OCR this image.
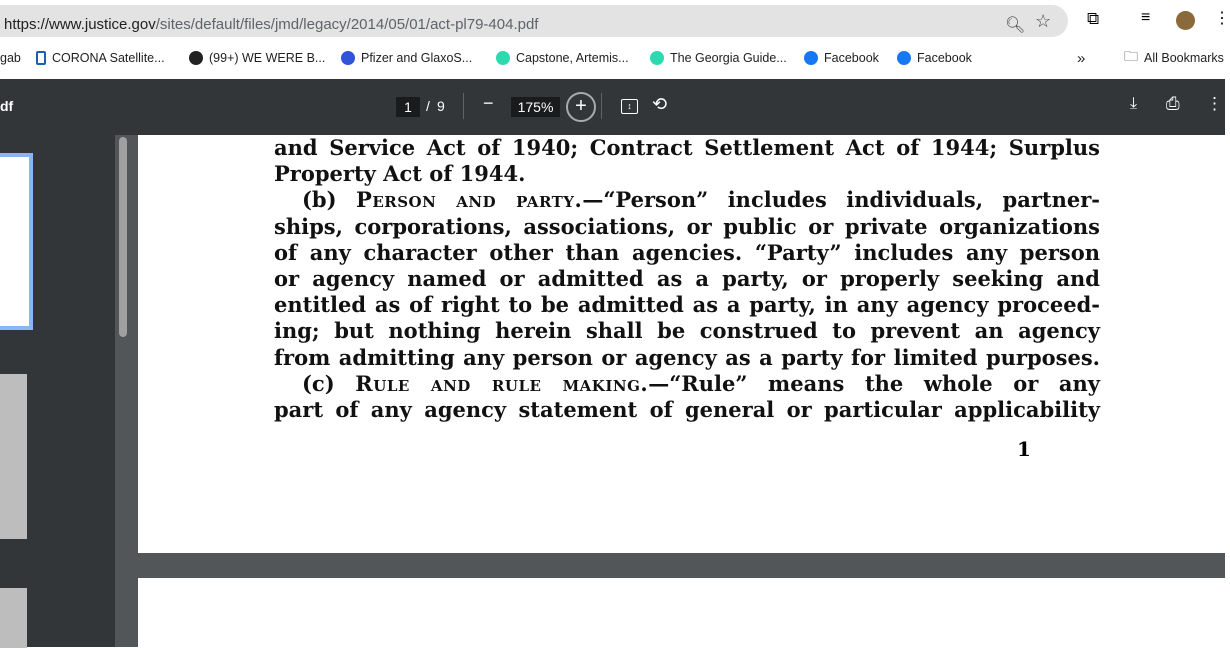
https://www.justice.gov/sites/default/files/jmd/legacy/2014/05/01/act-pl79-404.pdf	🔍︎ ☆ ⧉	≡	⋮
gab CORONA Satellite...	(99+) WE WERE B...	Pfizer and GlaxoS...	Capstone, Artemis...	The Georgia Guide...	Facebook	Facebook	»	🗀 All Bookmarks
df	1	/ 9 −	175%	+	↕	⟲	⤓ ⎙ ⋮
and Service Act of 1940; Contract Settlement Act of 1944; Surplus
Property Act of 1944.
(b) Person and party.—“Person” includes individuals, partner-
ships, corporations, associations, or public or private organizations
of any character other than agencies. “Party” includes any person
or agency named or admitted as a party, or properly seeking and
entitled as of right to be admitted as a party, in any agency proceed-
ing; but nothing herein shall be construed to prevent an agency
from admitting any person or agency as a party for limited purposes.
(c) Rule and rule making.—“Rule” means the whole or any
part of any agency statement of general or particular applicability
1
